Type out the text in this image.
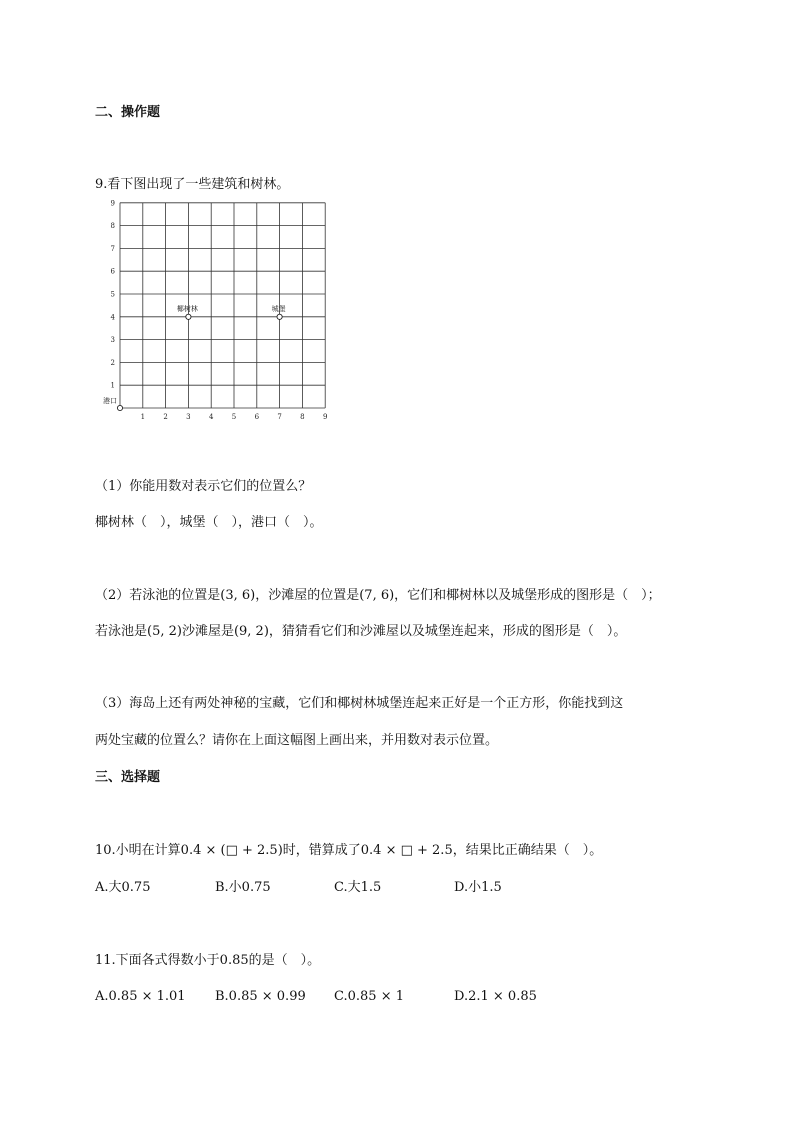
二、操作题
9.看下图出现了一些建筑和树林。
1	2	3	4	5	6	7	8	9
1
2
3
4
5
6
7
8
9
椰树林	城堡
港口
（1）你能用数对表示它们的位置么？
椰树林（　），城堡（　），港口（　）。
（2）若泳池的位置是(3, 6)，沙滩屋的位置是(7, 6)，它们和椰树林以及城堡形成的图形是（　）；
若泳池是(5, 2)沙滩屋是(9, 2)，猜猜看它们和沙滩屋以及城堡连起来，形成的图形是（　）。
（3）海岛上还有两处神秘的宝藏，它们和椰树林城堡连起来正好是一个正方形，你能找到这
两处宝藏的位置么？请你在上面这幅图上画出来，并用数对表示位置。
三、选择题
10.小明在计算0.4 × (□ + 2.5)时，错算成了0.4 × □ + 2.5，结果比正确结果（　）。
A.大0.75	B.小0.75	C.大1.5	D.小1.5
11.下面各式得数小于0.85的是（　）。
A.0.85 × 1.01 B.0.85 × 0.99 C.0.85 × 1	D.2.1 × 0.85
